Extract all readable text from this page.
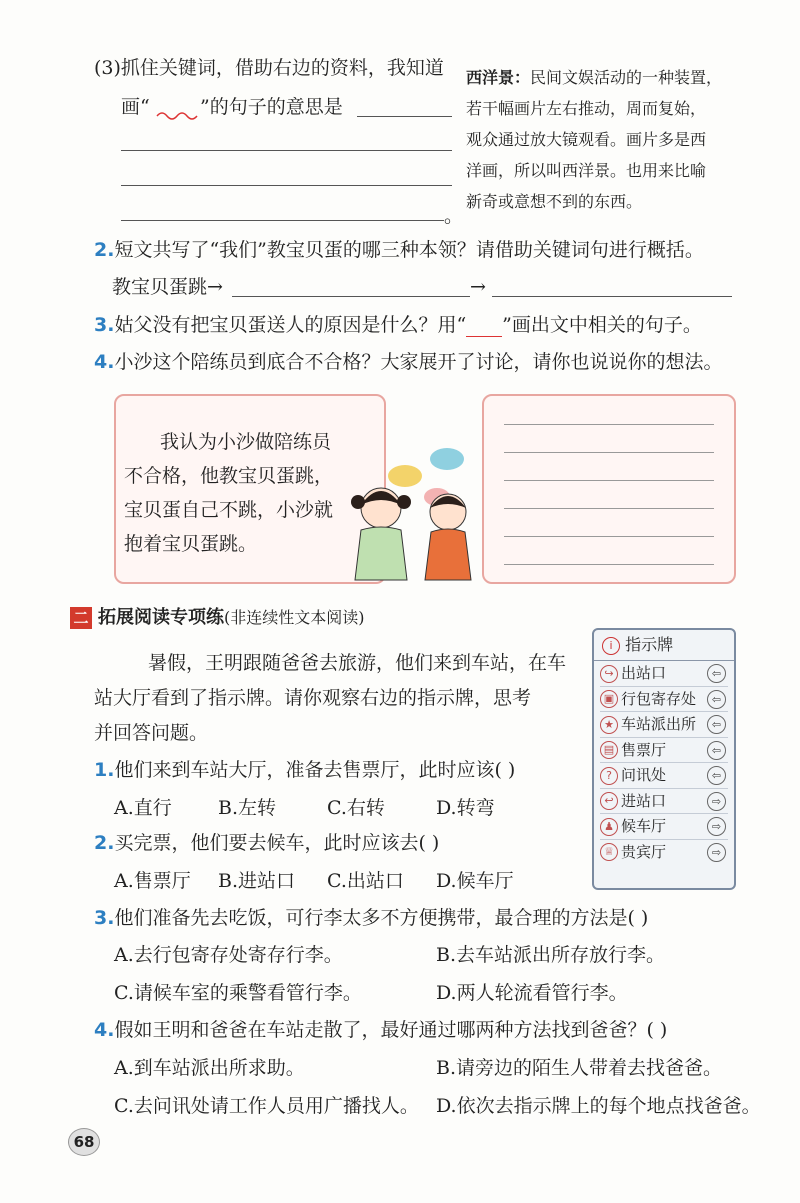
(3)抓住关键词，借助右边的资料，我知道
画“	”的句子的意思是
。
西洋景：民间文娱活动的一种装置，
若干幅画片左右推动，周而复始，
观众通过放大镜观看。画片多是西
洋画，所以叫西洋景。也用来比喻
新奇或意想不到的东西。
2.短文共写了“我们”教宝贝蛋的哪三种本领？请借助关键词句进行概括。
教宝贝蛋跳→	→
3.姑父没有把宝贝蛋送人的原因是什么？用“ ”画出文中相关的句子。
4.小沙这个陪练员到底合不合格？大家展开了讨论，请你也说说你的想法。
我认为小沙做陪练员
不合格，他教宝贝蛋跳，
宝贝蛋自己不跳，小沙就
抱着宝贝蛋跳。
二 拓展阅读专项练(非连续性文本阅读)
暑假，王明跟随爸爸去旅游，他们来到车站，在车
站大厅看到了指示牌。请你观察右边的指示牌，思考
并回答问题。
i 指示牌
↪ 出站口	⇦
▣ 行包寄存处	⇦
★ 车站派出所	⇦
▤ 售票厅	⇦
? 问讯处	⇦
↩ 进站口	⇨
♟ 候车厅	⇨
♕ 贵宾厅	⇨
1.他们来到车站大厅，准备去售票厅，此时应该( )
A.直行 B.左转	C.右转	D.转弯
2.买完票，他们要去候车，此时应该去( )
A.售票厅 B.进站口 C.出站口 D.候车厅
3.他们准备先去吃饭，可行李太多不方便携带，最合理的方法是( )
A.去行包寄存处寄存行李。	B.去车站派出所存放行李。
C.请候车室的乘警看管行李。	D.两人轮流看管行李。
4.假如王明和爸爸在车站走散了，最好通过哪两种方法找到爸爸？( )
A.到车站派出所求助。	B.请旁边的陌生人带着去找爸爸。
C.去问讯处请工作人员用广播找人。 D.依次去指示牌上的每个地点找爸爸。
68
